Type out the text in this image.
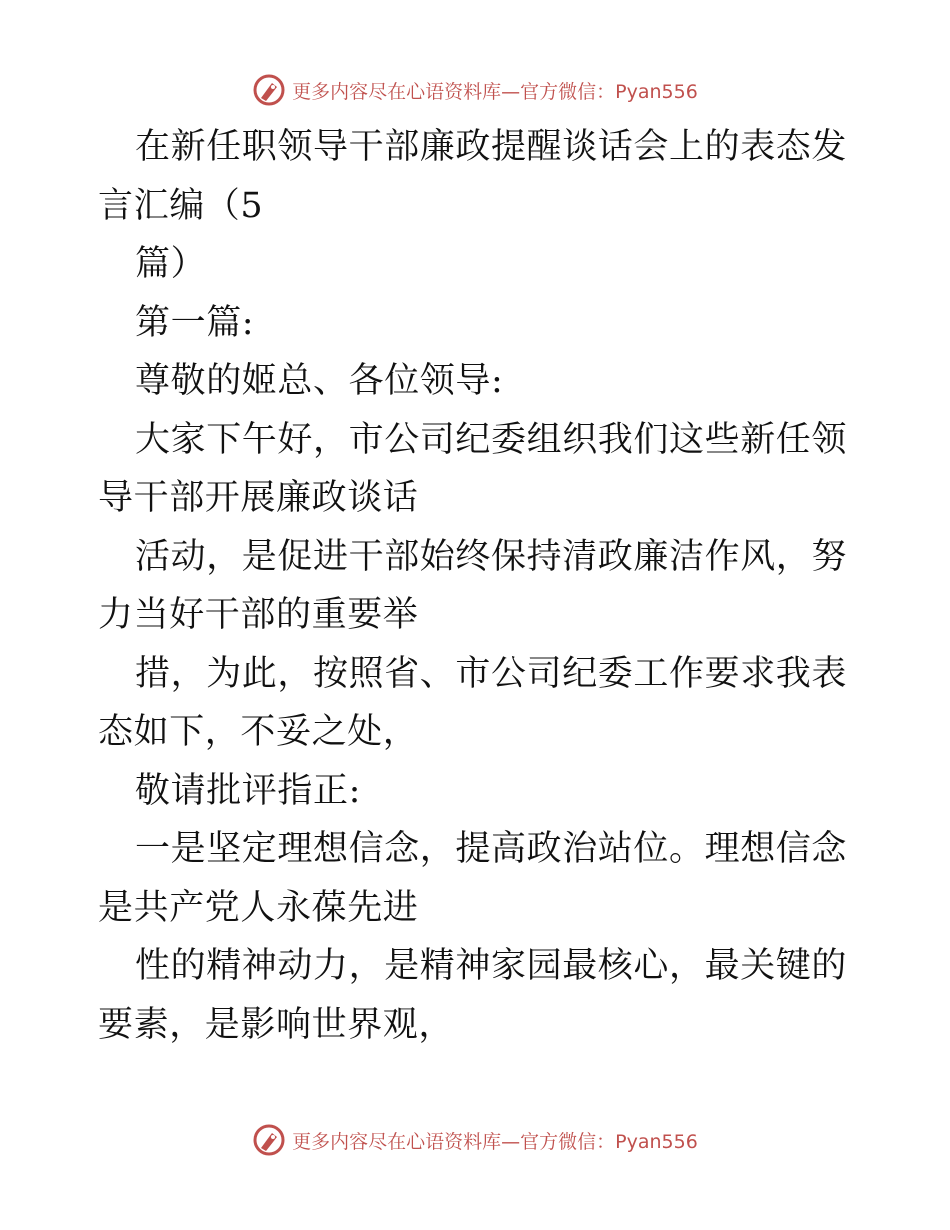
更多内容尽在心语资料库—官方微信：Pyan556

在新任职领导干部廉政提醒谈话会上的表态发言汇编（5

篇）

第一篇:

尊敬的姬总、各位领导:

大家下午好，市公司纪委组织我们这些新任领导干部开展廉政谈话

活动，是促进干部始终保持清政廉洁作风，努力当好干部的重要举

措，为此，按照省、市公司纪委工作要求我表态如下，不妥之处，

敬请批评指正:

一是坚定理想信念，提高政治站位。理想信念是共产党人永葆先进

性的精神动力，是精神家园最核心，最关键的要素，是影响世界观，

更多内容尽在心语资料库—官方微信：Pyan556
